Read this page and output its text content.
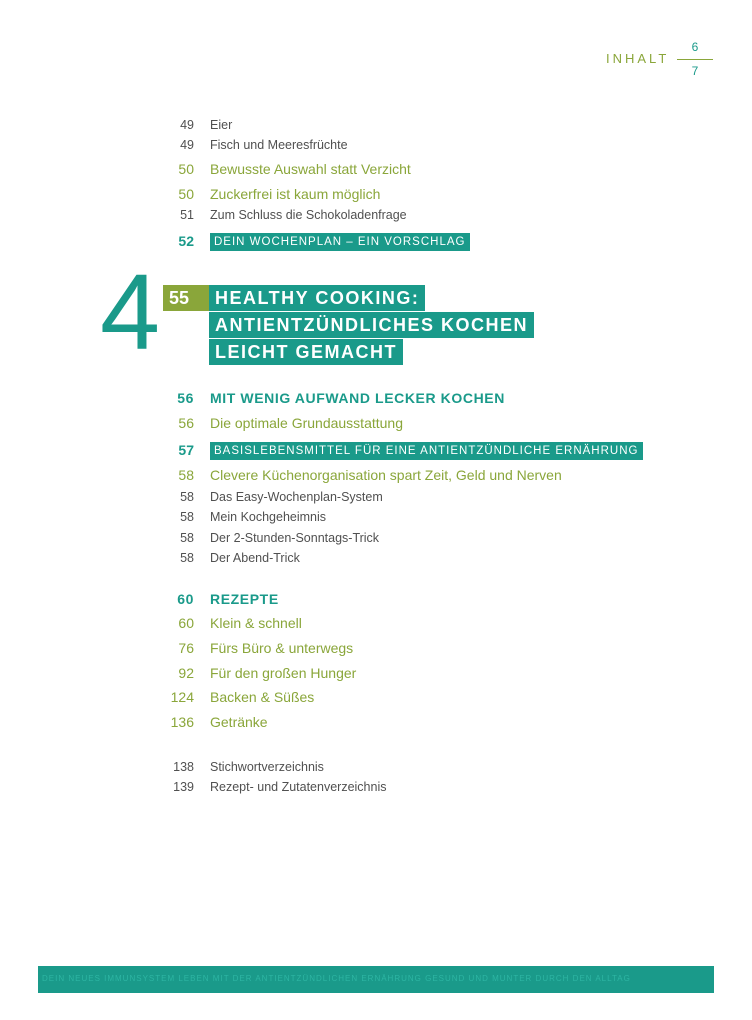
INHALT
6
7
49 Eier
49 Fisch und Meeresfrüchte
50 Bewusste Auswahl statt Verzicht
50 Zuckerfrei ist kaum möglich
51 Zum Schluss die Schokoladenfrage
52	DEIN WOCHENPLAN – EIN VORSCHLAG
4 55	HEALTHY COOKING:
ANTIENTZÜNDLICHES KOCHEN
LEICHT GEMACHT
56 MIT WENIG AUFWAND LECKER KOCHEN
56 Die optimale Grundausstattung
57	BASISLEBENSMITTEL FÜR EINE ANTIENTZÜNDLICHE ERNÄHRUNG
58 Clevere Küchenorganisation spart Zeit, Geld und Nerven
58 Das Easy-Wochenplan-System
58 Mein Kochgeheimnis
58 Der 2-Stunden-Sonntags-Trick
58 Der Abend-Trick
60 REZEPTE
60 Klein & schnell
76 Fürs Büro & unterwegs
92 Für den großen Hunger
124 Backen & Süßes
136 Getränke
138 Stichwortverzeichnis
139 Rezept- und Zutatenverzeichnis
DEIN NEUES IMMUNSYSTEM LEBEN MIT DER ANTIENTZÜNDLICHEN ERNÄHRUNG GESUND UND MUNTER DURCH DEN ALLTAG
